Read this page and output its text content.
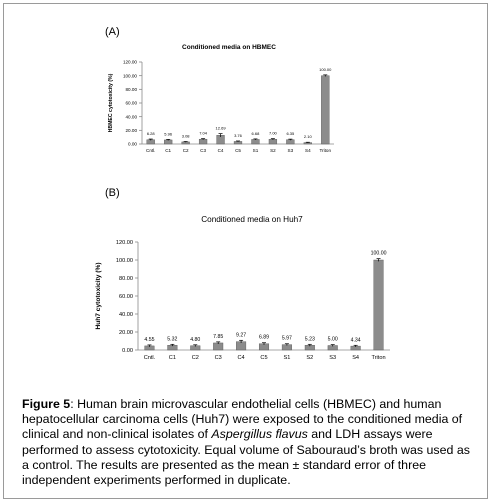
(A)
Conditioned media on HBMEC
HBMEC cytotoxicity (%)
0.00
20.00
40.00
60.00
80.00
100.00
120.00
6.28
Cntl.
5.96
C1
3.08
C2
7.04
C3
12.69
C4
3.76
C5
6.68
S1
7.00
S2
6.35
S3
2.10
S4
100.00
Triton
(B)
Conditioned media on Huh7
Huh7 cytotoxicity (%)
0.00
20.00
40.00
60.00
80.00
100.00
120.00
4.55
Cntl.
5.32
C1
4.80
C2
7.85
C3
9.27
C4
6.89
C5
5.97
S1
5.23
S2
5.00
S3
4.34
S4
100.00
Triton
Figure 5: Human brain microvascular endothelial cells (HBMEC) and human hepatocellular carcinoma cells (Huh7) were exposed to the conditioned media of clinical and non-clinical isolates of Aspergillus flavus and LDH assays were performed to assess cytotoxicity. Equal volume of Sabouraud’s broth was used as a control. The results are presented as the mean ± standard error of three independent experiments performed in duplicate.
